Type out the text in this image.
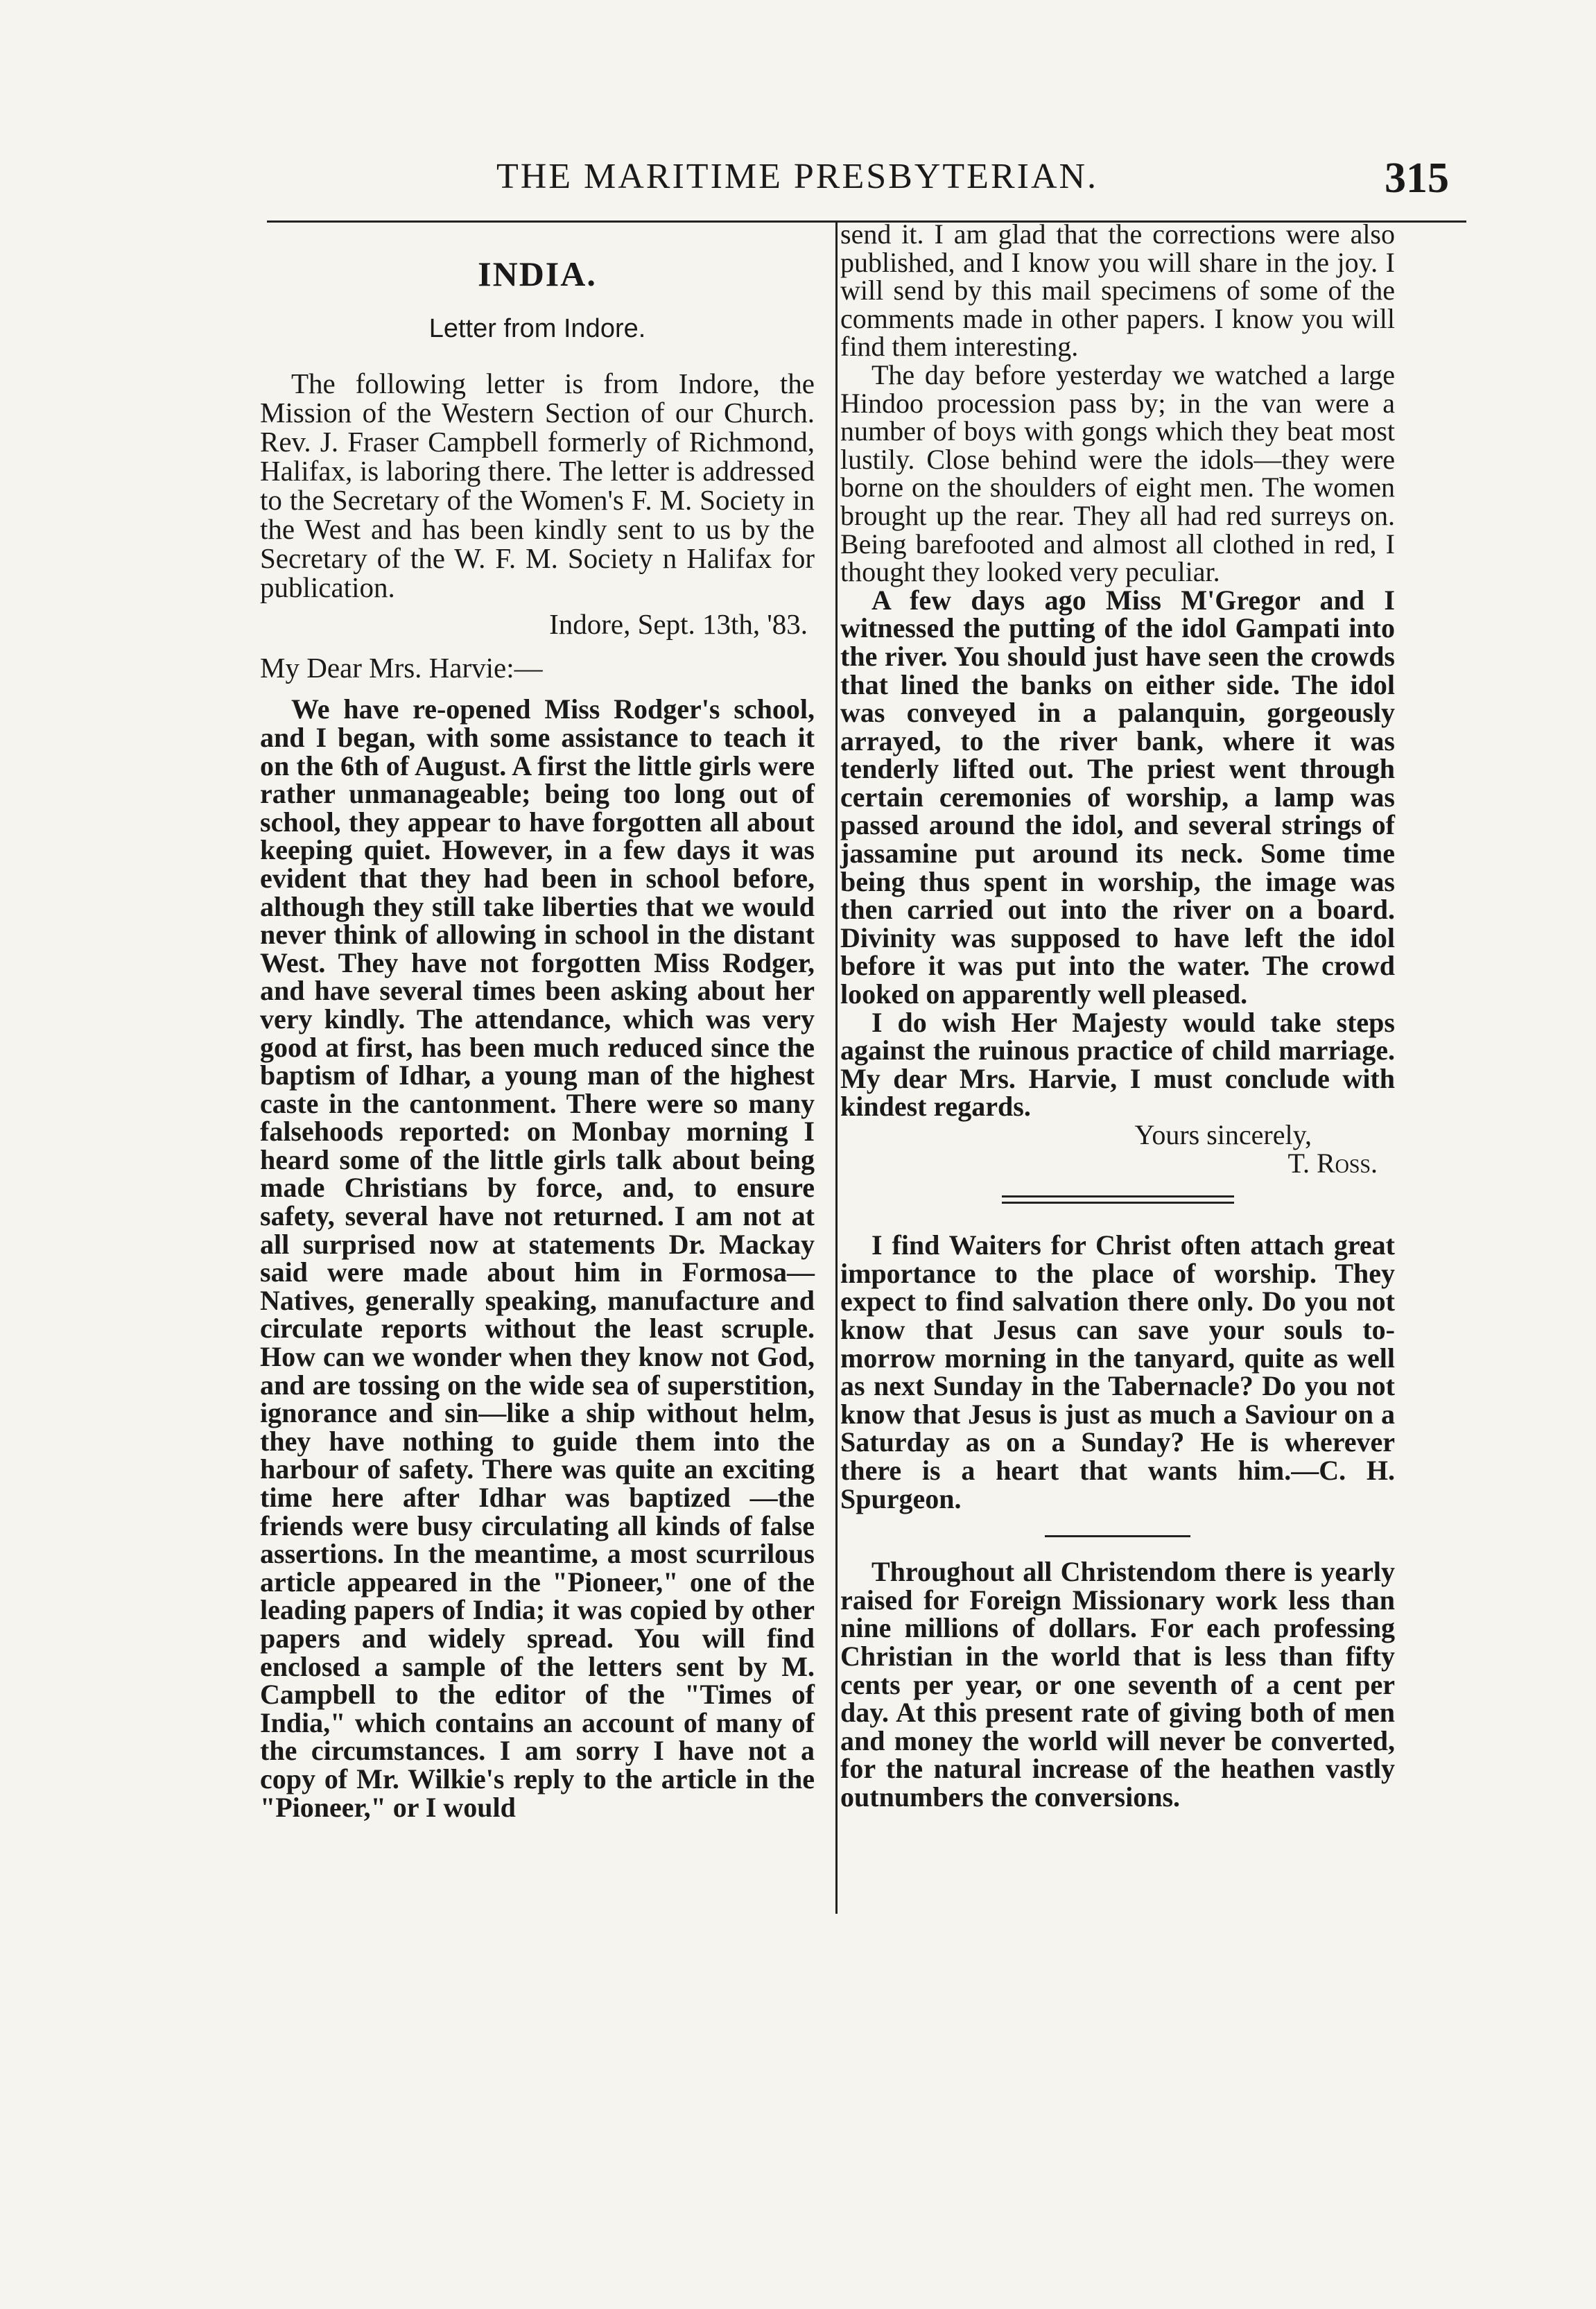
THE MARITIME PRESBYTERIAN.	315
INDIA.
Letter from Indore.

The following letter is from Indore, the Mission of the Western Section of our Church. Rev. J. Fraser Campbell formerly of Richmond, Halifax, is laboring there. The letter is addressed to the Secretary of the Women's F. M. Society in the West and has been kindly sent to us by the Secretary of the W. F. M. Society n Halifax for publication.

Indore, Sept. 13th, '83.

My Dear Mrs. Harvie:—

We have re-opened Miss Rodger's school, and I began, with some assistance to teach it on the 6th of August. A first the little girls were rather unmanageable; being too long out of school, they appear to have forgotten all about keeping quiet. However, in a few days it was evident that they had been in school before, although they still take liberties that we would never think of allowing in school in the distant West. They have not forgotten Miss Rodger, and have several times been asking about her very kindly. The attendance, which was very good at first, has been much reduced since the baptism of Idhar, a young man of the highest caste in the cantonment. There were so many falsehoods reported: on Monbay morning I heard some of the little girls talk about being made Christians by force, and, to ensure safety, several have not returned. I am not at all surprised now at statements Dr. Mackay said were made about him in Formosa— Natives, generally speaking, manufacture and circulate reports without the least scruple. How can we wonder when they know not God, and are tossing on the wide sea of superstition, ignorance and sin—like a ship without helm, they have nothing to guide them into the harbour of safety. There was quite an exciting time here after Idhar was baptized —the friends were busy circulating all kinds of false assertions. In the meantime, a most scurrilous article appeared in the "Pioneer," one of the leading papers of India; it was copied by other papers and widely spread. You will find enclosed a sample of the letters sent by M. Campbell to the editor of the "Times of India," which contains an account of many of the circumstances. I am sorry I have not a copy of Mr. Wilkie's reply to the article in the "Pioneer," or I would

send it. I am glad that the corrections were also published, and I know you will share in the joy. I will send by this mail specimens of some of the comments made in other papers. I know you will find them interesting.

The day before yesterday we watched a large Hindoo procession pass by; in the van were a number of boys with gongs which they beat most lustily. Close behind were the idols—they were borne on the shoulders of eight men. The women brought up the rear. They all had red surreys on. Being barefooted and almost all clothed in red, I thought they looked very peculiar.

A few days ago Miss M'Gregor and I witnessed the putting of the idol Gampati into the river. You should just have seen the crowds that lined the banks on either side. The idol was conveyed in a palanquin, gorgeously arrayed, to the river bank, where it was tenderly lifted out. The priest went through certain ceremonies of worship, a lamp was passed around the idol, and several strings of jassamine put around its neck. Some time being thus spent in worship, the image was then carried out into the river on a board. Divinity was supposed to have left the idol before it was put into the water. The crowd looked on apparently well pleased.

I do wish Her Majesty would take steps against the ruinous practice of child marriage. My dear Mrs. Harvie, I must conclude with kindest regards.

Yours sincerely,

T. Ross.

I find Waiters for Christ often attach great importance to the place of worship. They expect to find salvation there only. Do you not know that Jesus can save your souls to-morrow morning in the tanyard, quite as well as next Sunday in the Tabernacle? Do you not know that Jesus is just as much a Saviour on a Saturday as on a Sunday? He is wherever there is a heart that wants him.—C. H. Spurgeon.

Throughout all Christendom there is yearly raised for Foreign Missionary work less than nine millions of dollars. For each professing Christian in the world that is less than fifty cents per year, or one seventh of a cent per day. At this present rate of giving both of men and money the world will never be converted, for the natural increase of the heathen vastly outnumbers the conversions.
